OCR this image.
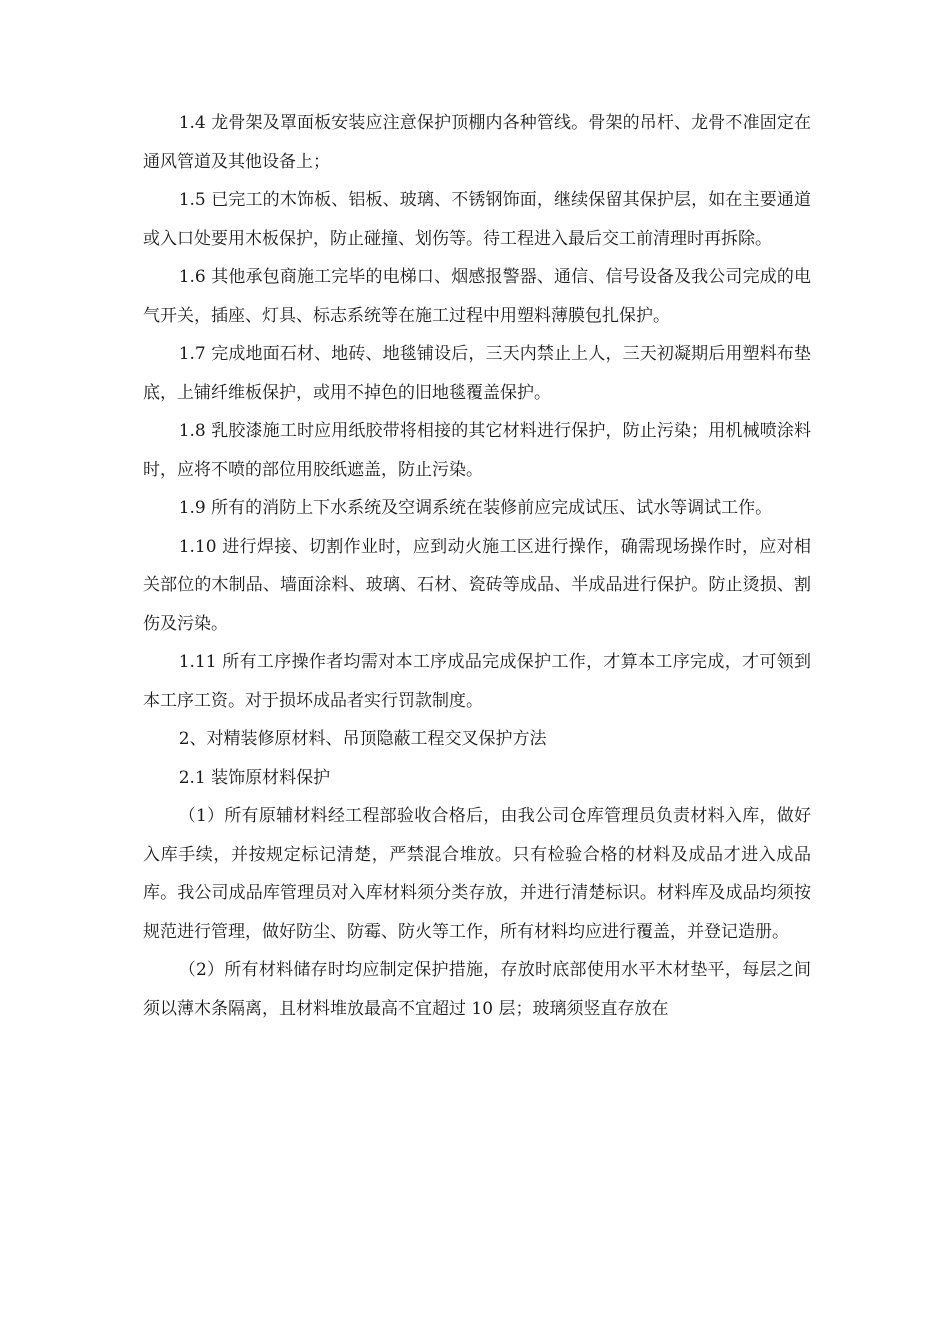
1.4 龙骨架及罩面板安装应注意保护顶棚内各种管线。骨架的吊杆、龙骨不准固定在通风管道及其他设备上；

1.5 已完工的木饰板、铝板、玻璃、不锈钢饰面，继续保留其保护层，如在主要通道或入口处要用木板保护，防止碰撞、划伤等。待工程进入最后交工前清理时再拆除。

1.6 其他承包商施工完毕的电梯口、烟感报警器、通信、信号设备及我公司完成的电气开关，插座、灯具、标志系统等在施工过程中用塑料薄膜包扎保护。

1.7 完成地面石材、地砖、地毯铺设后，三天内禁止上人，三天初凝期后用塑料布垫底，上铺纤维板保护，或用不掉色的旧地毯覆盖保护。

1.8 乳胶漆施工时应用纸胶带将相接的其它材料进行保护，防止污染；用机械喷涂料时，应将不喷的部位用胶纸遮盖，防止污染。

1.9 所有的消防上下水系统及空调系统在装修前应完成试压、试水等调试工作。

1.10 进行焊接、切割作业时，应到动火施工区进行操作，确需现场操作时，应对相关部位的木制品、墙面涂料、玻璃、石材、瓷砖等成品、半成品进行保护。防止烫损、割伤及污染。

1.11 所有工序操作者均需对本工序成品完成保护工作，才算本工序完成，才可领到本工序工资。对于损坏成品者实行罚款制度。

2、对精装修原材料、吊顶隐蔽工程交叉保护方法

2.1 装饰原材料保护

（1）所有原辅材料经工程部验收合格后，由我公司仓库管理员负责材料入库，做好入库手续，并按规定标记清楚，严禁混合堆放。只有检验合格的材料及成品才进入成品库。我公司成品库管理员对入库材料须分类存放，并进行清楚标识。材料库及成品均须按规范进行管理，做好防尘、防霉、防火等工作，所有材料均应进行覆盖，并登记造册。

（2）所有材料储存时均应制定保护措施，存放时底部使用水平木材垫平，每层之间须以薄木条隔离，且材料堆放最高不宜超过 10 层；玻璃须竖直存放在
